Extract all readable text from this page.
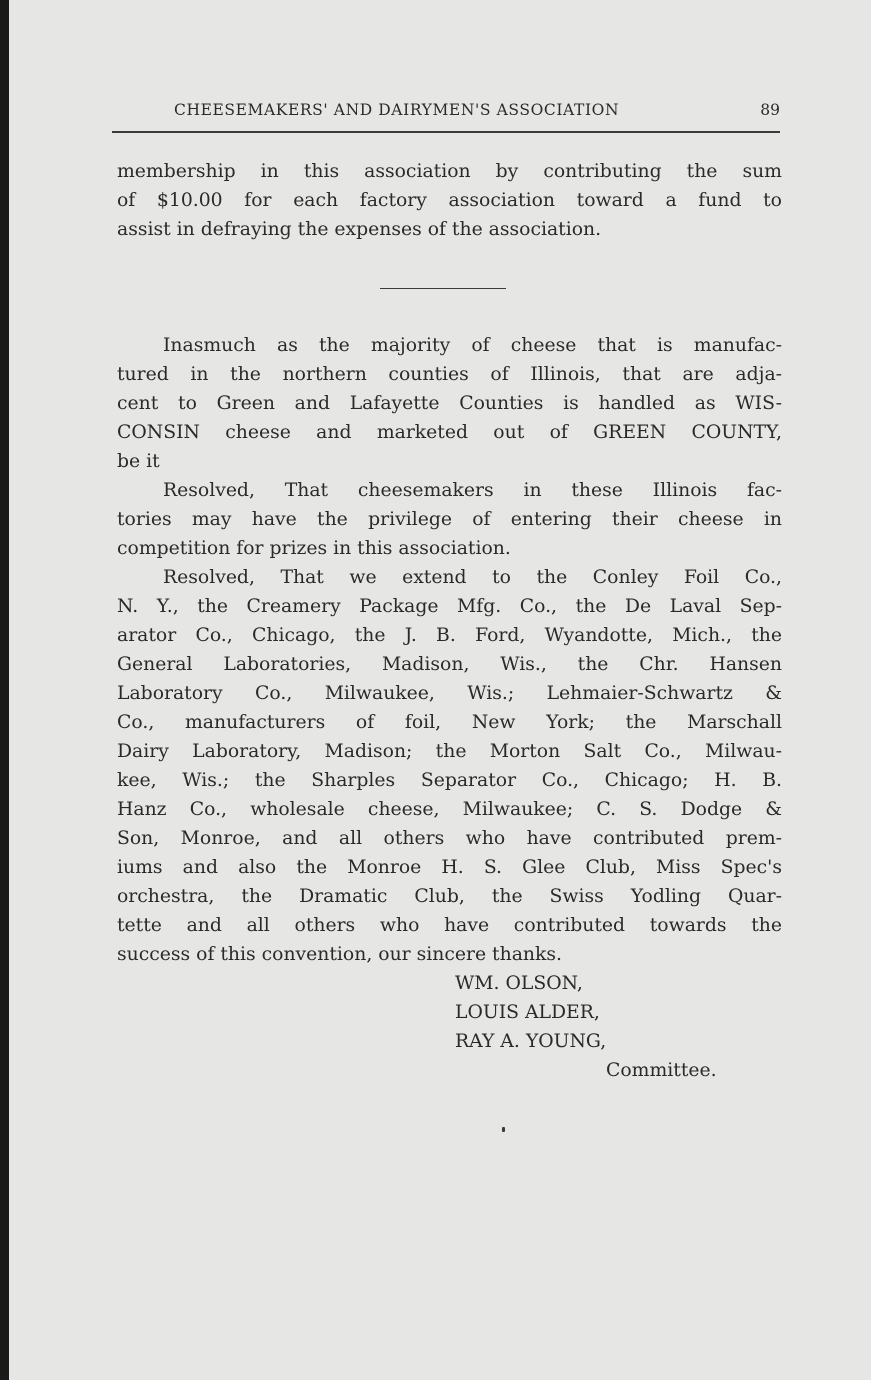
CHEESEMAKERS' AND DAIRYMEN'S ASSOCIATION	89

membership in this association by contributing the sum
of $10.00 for each factory association toward a fund to
assist in defraying the expenses of the association.

Inasmuch as the majority of cheese that is manufac-
tured in the northern counties of Illinois, that are adja-
cent to Green and Lafayette Counties is handled as WIS-
CONSIN cheese and marketed out of GREEN COUNTY,
be it

Resolved, That cheesemakers in these Illinois fac-
tories may have the privilege of entering their cheese in
competition for prizes in this association.

Resolved, That we extend to the Conley Foil Co.,
N. Y., the Creamery Package Mfg. Co., the De Laval Sep-
arator Co., Chicago, the J. B. Ford, Wyandotte, Mich., the
General Laboratories, Madison, Wis., the Chr. Hansen
Laboratory Co., Milwaukee, Wis.; Lehmaier-Schwartz &
Co., manufacturers of foil, New York; the Marschall
Dairy Laboratory, Madison; the Morton Salt Co., Milwau-
kee, Wis.; the Sharples Separator Co., Chicago; H. B.
Hanz Co., wholesale cheese, Milwaukee; C. S. Dodge &
Son, Monroe, and all others who have contributed prem-
iums and also the Monroe H. S. Glee Club, Miss Spec's
orchestra, the Dramatic Club, the Swiss Yodling Quar-
tette and all others who have contributed towards the
success of this convention, our sincere thanks.

WM. OLSON,
LOUIS ALDER,
RAY A. YOUNG,
Committee.
